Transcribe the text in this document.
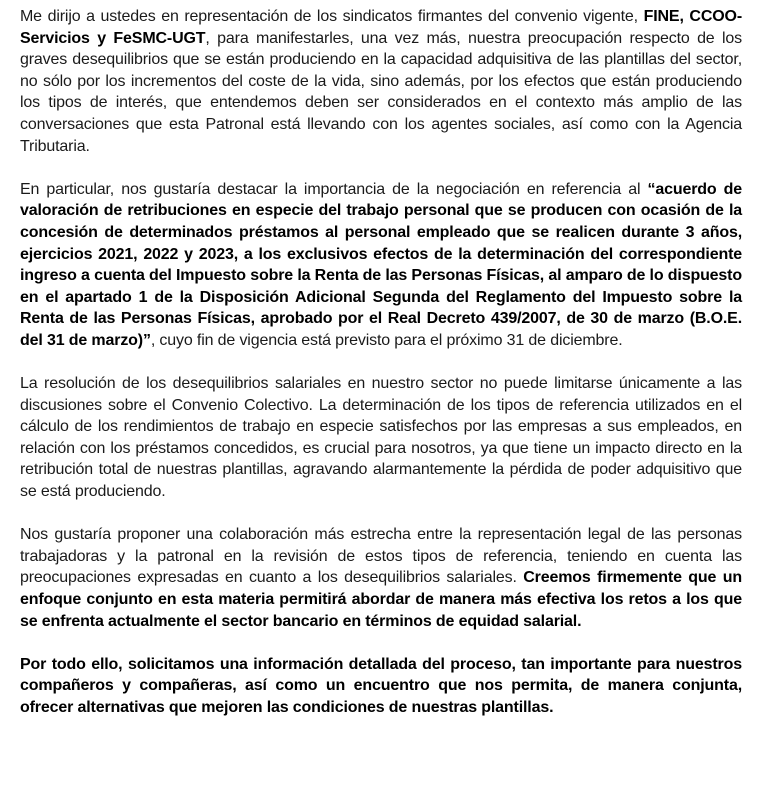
Me dirijo a ustedes en representación de los sindicatos firmantes del convenio vigente, FINE, CCOO-Servicios y FeSMC-UGT, para manifestarles, una vez más, nuestra preocupación respecto de los graves desequilibrios que se están produciendo en la capacidad adquisitiva de las plantillas del sector, no sólo por los incrementos del coste de la vida, sino además, por los efectos que están produciendo los tipos de interés, que entendemos deben ser considerados en el contexto más amplio de las conversaciones que esta Patronal está llevando con los agentes sociales, así como con la Agencia Tributaria.

En particular, nos gustaría destacar la importancia de la negociación en referencia al “acuerdo de valoración de retribuciones en especie del trabajo personal que se producen con ocasión de la concesión de determinados préstamos al personal empleado que se realicen durante 3 años, ejercicios 2021, 2022 y 2023, a los exclusivos efectos de la determinación del correspondiente ingreso a cuenta del Impuesto sobre la Renta de las Personas Físicas, al amparo de lo dispuesto en el apartado 1 de la Disposición Adicional Segunda del Reglamento del Impuesto sobre la Renta de las Personas Físicas, aprobado por el Real Decreto 439/2007, de 30 de marzo (B.O.E. del 31 de marzo)”, cuyo fin de vigencia está previsto para el próximo 31 de diciembre.

La resolución de los desequilibrios salariales en nuestro sector no puede limitarse únicamente a las discusiones sobre el Convenio Colectivo. La determinación de los tipos de referencia utilizados en el cálculo de los rendimientos de trabajo en especie satisfechos por las empresas a sus empleados, en relación con los préstamos concedidos, es crucial para nosotros, ya que tiene un impacto directo en la retribución total de nuestras plantillas, agravando alarmantemente la pérdida de poder adquisitivo que se está produciendo.

Nos gustaría proponer una colaboración más estrecha entre la representación legal de las personas trabajadoras y la patronal en la revisión de estos tipos de referencia, teniendo en cuenta las preocupaciones expresadas en cuanto a los desequilibrios salariales. Creemos firmemente que un enfoque conjunto en esta materia permitirá abordar de manera más efectiva los retos a los que se enfrenta actualmente el sector bancario en términos de equidad salarial.

Por todo ello, solicitamos una información detallada del proceso, tan importante para nuestros compañeros y compañeras, así como un encuentro que nos permita, de manera conjunta, ofrecer alternativas que mejoren las condiciones de nuestras plantillas.
